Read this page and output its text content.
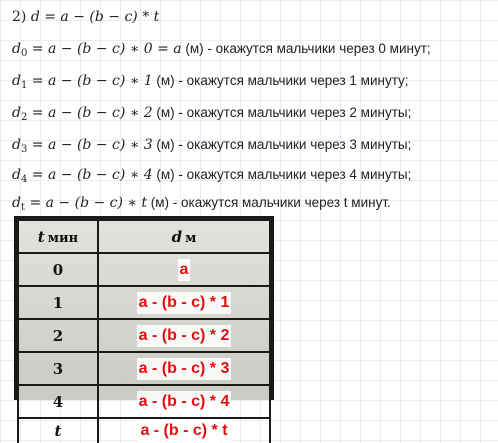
2) d = a − (b − c) * t
$d_0 = a - (b - c)$ ∗ 0 = a (м) - окажутся мальчики через 0 минут;
$d_1 = a - (b - c)$ ∗ 1 (м) - окажутся мальчики через 1 минуту;
$d_2 = a - (b - c)$ ∗ 2 (м) - окажутся мальчики через 2 минуты;
$d_3 = a - (b - c)$ ∗ 3 (м) - окажутся мальчики через 3 минуты;
$d_4 = a - (b - c)$ ∗ 4 (м) - окажутся мальчики через 4 минуты;
$d_t = a - (b - c)$ ∗ t (м) - окажутся мальчики через t минут.
t мин	d м
0	a
1	a - (b - c) * 1
2	a - (b - c) * 2
3	a - (b - c) * 3
4	a - (b - c) * 4
t	a - (b - c) * t
